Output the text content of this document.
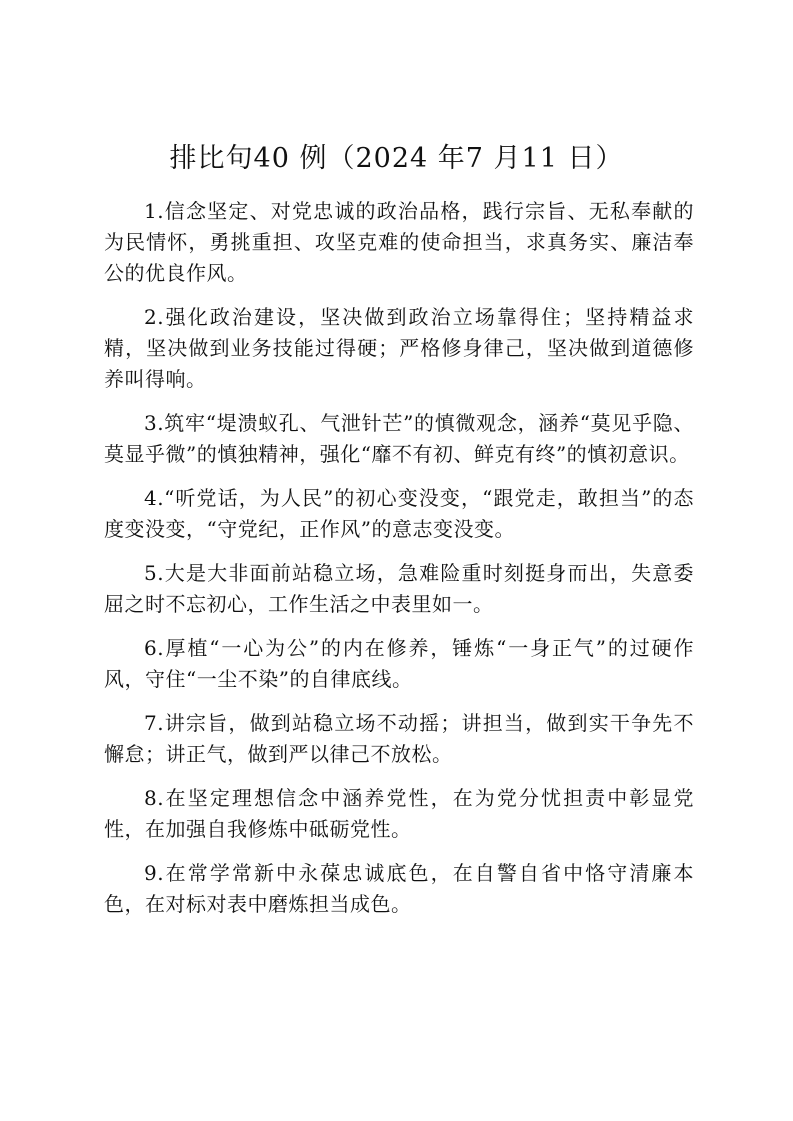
排比句40 例（2024 年7 月11 日）

1.信念坚定、对党忠诚的政治品格，践行宗旨、无私奉献的为民情怀，勇挑重担、攻坚克难的使命担当，求真务实、廉洁奉公的优良作风。

2.强化政治建设，坚决做到政治立场靠得住；坚持精益求精，坚决做到业务技能过得硬；严格修身律己，坚决做到道德修养叫得响。

3.筑牢“堤溃蚁孔、气泄针芒”的慎微观念，涵养“莫见乎隐、莫显乎微”的慎独精神，强化“靡不有初、鲜克有终”的慎初意识。

4.“听党话，为人民”的初心变没变，“跟党走，敢担当”的态度变没变，“守党纪，正作风”的意志变没变。

5.大是大非面前站稳立场，急难险重时刻挺身而出，失意委屈之时不忘初心，工作生活之中表里如一。

6.厚植“一心为公”的内在修养，锤炼“一身正气”的过硬作风，守住“一尘不染”的自律底线。

7.讲宗旨，做到站稳立场不动摇；讲担当，做到实干争先不懈怠；讲正气，做到严以律己不放松。

8.在坚定理想信念中涵养党性，在为党分忧担责中彰显党性，在加强自我修炼中砥砺党性。

9.在常学常新中永葆忠诚底色，在自警自省中恪守清廉本色，在对标对表中磨炼担当成色。
